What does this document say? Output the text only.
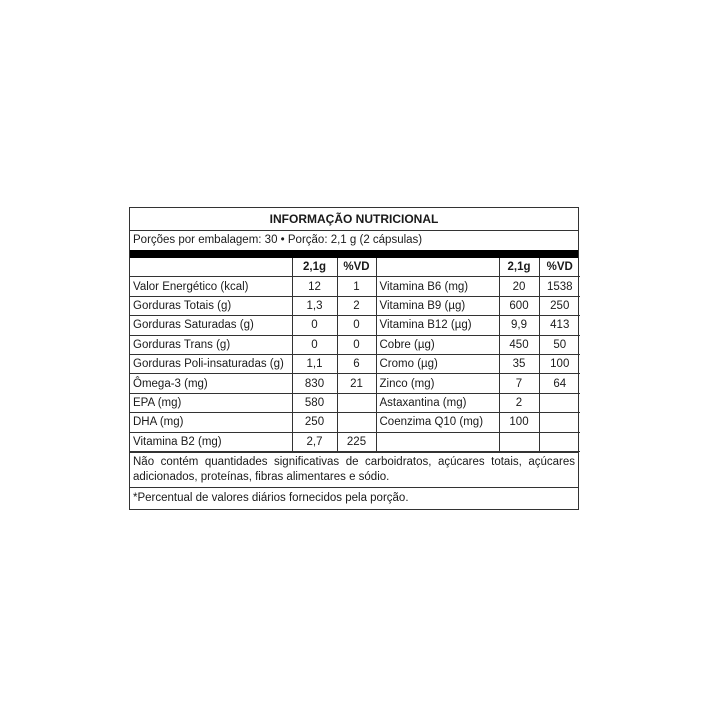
INFORMAÇÃO NUTRICIONAL
Porções por embalagem: 30 • Porção: 2,1 g (2 cápsulas)
	2,1g	%VD		2,1g	%VD
Valor Energético (kcal)	12	1	Vitamina B6 (mg)	20	1538
Gorduras Totais (g)	1,3	2	Vitamina B9 (µg)	600	250
Gorduras Saturadas (g)	0	0	Vitamina B12 (µg)	9,9	413
Gorduras Trans (g)	0	0	Cobre (µg)	450	50
Gorduras Poli-insaturadas (g)	1,1	6	Cromo (µg)	35	100
Ômega-3 (mg)	830	21	Zinco (mg)	7	64
EPA (mg)	580		Astaxantina (mg)	2	
DHA (mg)	250		Coenzima Q10 (mg)	100	
Vitamina B2 (mg)	2,7	225			
Não contém quantidades significativas de carboidratos, açúcares totais, açúcares adicionados, proteínas, fibras alimentares e sódio.
*Percentual de valores diários fornecidos pela porção.
